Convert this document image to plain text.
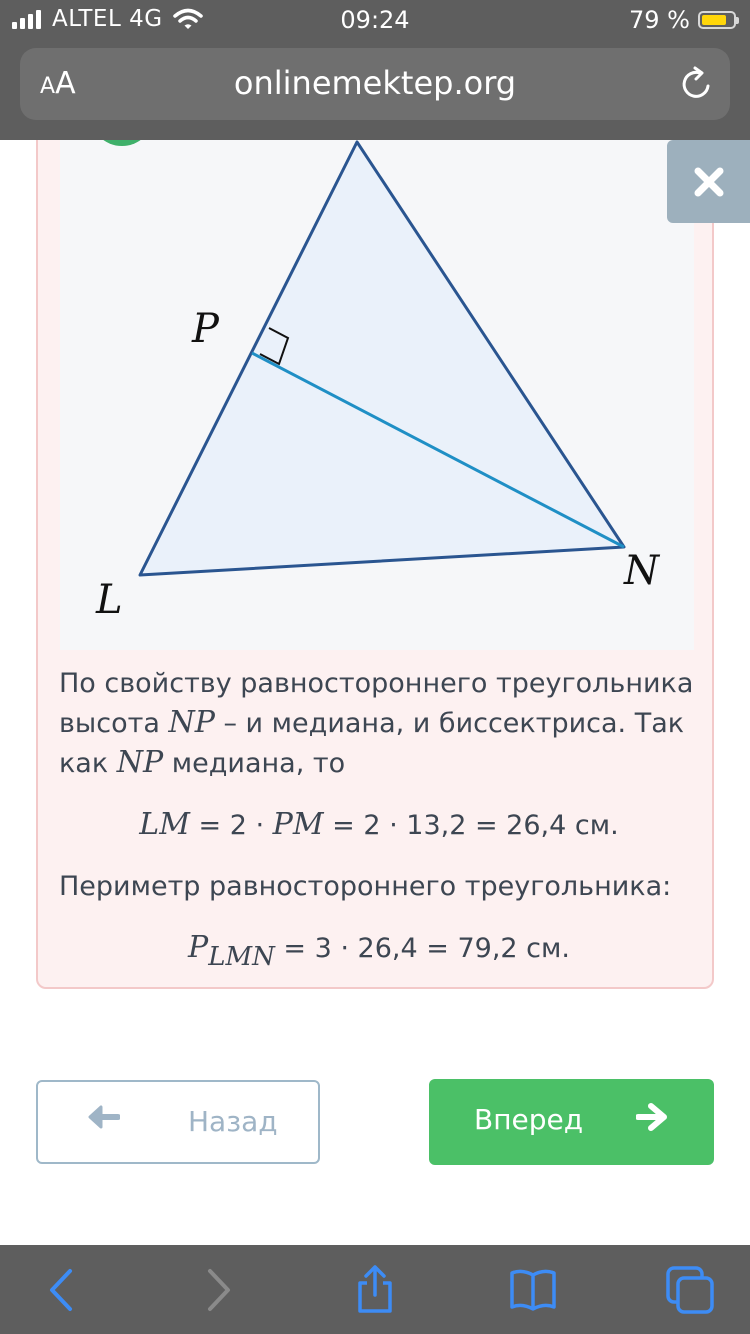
ALTEL 4G	09:24	79 %
AA	onlinemektep.org
P
L
N
По свойству равностороннего треугольника высота NP – и медиана, и биссектриса. Так как NP медиана, то
LM = 2 ⋅ PM = 2 ⋅ 13,2 = 26,4 см.
Периметр равностороннего треугольника:
PLMN = 3 ⋅ 26,4 = 79,2 см.
Назад	Вперед
